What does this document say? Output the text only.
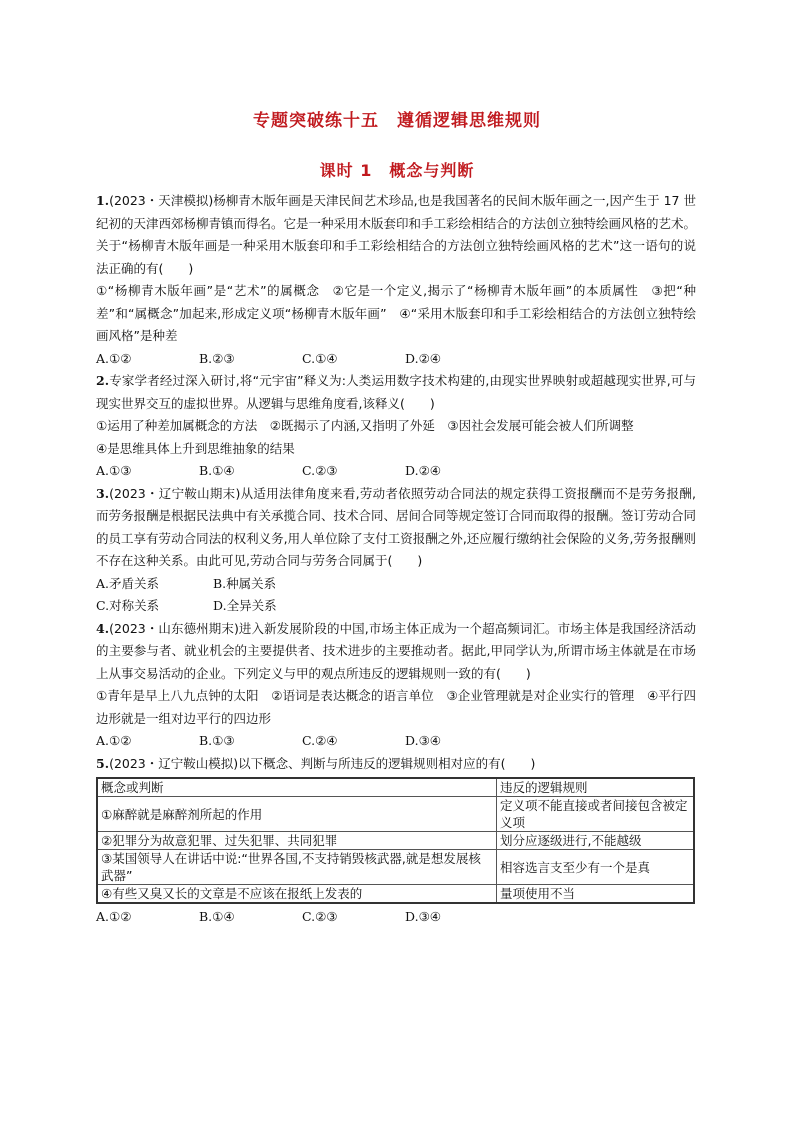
专题突破练十五　遵循逻辑思维规则
课时 1　概念与判断

1.(2023・天津模拟)杨柳青木版年画是天津民间艺术珍品,也是我国著名的民间木版年画之一,因产生于 17 世纪初的天津西郊杨柳青镇而得名。它是一种采用木版套印和手工彩绘相结合的方法创立独特绘画风格的艺术。关于“杨柳青木版年画是一种采用木版套印和手工彩绘相结合的方法创立独特绘画风格的艺术”这一语句的说法正确的有(　　)

①“杨柳青木版年画”是“艺术”的属概念　②它是一个定义,揭示了“杨柳青木版年画”的本质属性　③把“种差”和“属概念”加起来,形成定义项“杨柳青木版年画”　④“采用木版套印和手工彩绘相结合的方法创立独特绘画风格”是种差

A.①②	B.②③	C.①④	D.②④

2.专家学者经过深入研讨,将“元宇宙”释义为:人类运用数字技术构建的,由现实世界映射或超越现实世界,可与现实世界交互的虚拟世界。从逻辑与思维角度看,该释义(　　)

①运用了种差加属概念的方法　②既揭示了内涵,又指明了外延　③因社会发展可能会被人们所调整

④是思维具体上升到思维抽象的结果

A.①③	B.①④	C.②③	D.②④

3.(2023・辽宁鞍山期末)从适用法律角度来看,劳动者依照劳动合同法的规定获得工资报酬而不是劳务报酬,而劳务报酬是根据民法典中有关承揽合同、技术合同、居间合同等规定签订合同而取得的报酬。签订劳动合同的员工享有劳动合同法的权利义务,用人单位除了支付工资报酬之外,还应履行缴纳社会保险的义务,劳务报酬则不存在这种关系。由此可见,劳动合同与劳务合同属于(　　)

A.矛盾关系	B.种属关系
C.对称关系	D.全异关系

4.(2023・山东德州期末)进入新发展阶段的中国,市场主体正成为一个超高频词汇。市场主体是我国经济活动的主要参与者、就业机会的主要提供者、技术进步的主要推动者。据此,甲同学认为,所谓市场主体就是在市场上从事交易活动的企业。下列定义与甲的观点所违反的逻辑规则一致的有(　　)

①青年是早上八九点钟的太阳　②语词是表达概念的语言单位　③企业管理就是对企业实行的管理　④平行四边形就是一组对边平行的四边形

A.①②	B.①③	C.②④	D.③④

5.(2023・辽宁鞍山模拟)以下概念、判断与所违反的逻辑规则相对应的有(　　)

概念或判断	违反的逻辑规则
①麻醉就是麻醉剂所起的作用	定义项不能直接或者间接包含被定义项
②犯罪分为故意犯罪、过失犯罪、共同犯罪	划分应逐级进行,不能越级
③某国领导人在讲话中说:“世界各国,不支持销毁核武器,就是想发展核武器”	相容选言支至少有一个是真
④有些又臭又长的文章是不应该在报纸上发表的	量项使用不当
A.①②	B.①④	C.②③	D.③④
